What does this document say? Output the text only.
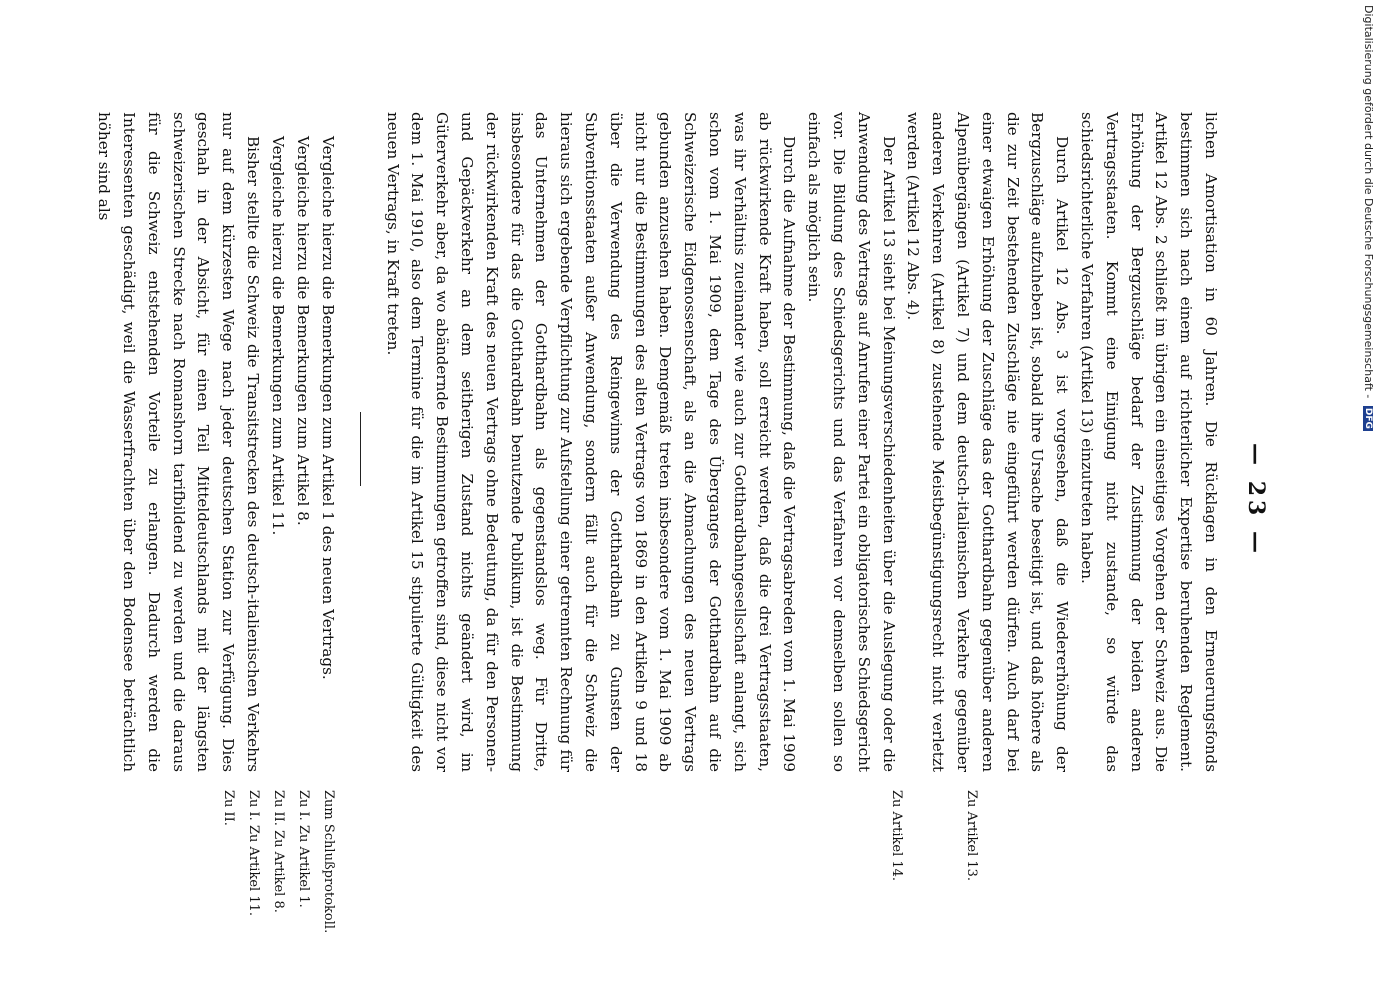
— 23 —

lichen Amortisation in 60 Jahren. Die Rücklagen in den Erneuerungsfonds bestimmen sich nach einem auf richterlicher Expertise beruhenden Reglement. Artikel 12 Abs. 2 schließt im übrigen ein einseitiges Vorgehen der Schweiz aus. Die Erhöhung der Bergzuschläge bedarf der Zustimmung der beiden anderen Vertragsstaaten. Kommt eine Einigung nicht zustande, so würde das schiedsrichterliche Verfahren (Artikel 13) einzutreten haben.

Durch Artikel 12 Abs. 3 ist vorgesehen, daß die Wiedererhöhung der Bergzuschläge aufzuheben ist, sobald ihre Ursache beseitigt ist, und daß höhere als die zur Zeit bestehenden Zuschläge nie eingeführt werden dürfen. Auch darf bei einer etwaigen Erhöhung der Zuschläge das der Gotthardbahn gegenüber anderen Alpenübergängen (Artikel 7) und dem deutsch-italienischen Verkehre gegenüber anderen Verkehren (Artikel 8) zustehende Meistbegünstigungsrecht nicht verletzt werden (Artikel 12 Abs. 4).

Der Artikel 13 sieht bei Meinungsverschiedenheiten über die Auslegung oder die Anwendung des Vertrags auf Anrufen einer Partei ein obligatorisches Schiedsgericht vor. Die Bildung des Schiedsgerichts und das Verfahren vor demselben sollen so einfach als möglich sein.

Durch die Aufnahme der Bestimmung, daß die Vertragsabreden vom 1. Mai 1909 ab rückwirkende Kraft haben, soll erreicht werden, daß die drei Vertragsstaaten, was ihr Verhältnis zueinander wie auch zur Gotthardbahngesellschaft anlangt, sich schon vom 1. Mai 1909, dem Tage des Überganges der Gotthardbahn auf die Schweizerische Eidgenossenschaft, als an die Abmachungen des neuen Vertrags gebunden anzusehen haben. Demgemäß treten insbesondere vom 1. Mai 1909 ab nicht nur die Bestimmungen des alten Vertrags von 1869 in den Artikeln 9 und 18 über die Verwendung des Reingewinns der Gotthardbahn zu Gunsten der Subventionsstaaten außer Anwendung, sondern fällt auch für die Schweiz die hieraus sich ergebende Verpflichtung zur Aufstellung einer getrennten Rechnung für das Unternehmen der Gotthardbahn als gegenstandslos weg. Für Dritte, insbesondere für das die Gotthardbahn benutzende Publikum, ist die Bestimmung der rückwirkenden Kraft des neuen Vertrags ohne Bedeutung, da für den Personen- und Gepäckverkehr an dem seitherigen Zustand nichts geändert wird, im Güterverkehr aber, da wo abändernde Bestimmungen getroffen sind, diese nicht vor dem 1. Mai 1910, also dem Termine für die im Artikel 15 stipulierte Gültigkeit des neuen Vertrags, in Kraft treten.

Zu Artikel 13.
Zu Artikel 14.
Zum Schlußprotokoll.
Zu I. Zu Artikel 1.
Zu II. Zu Artikel 8.
Zu I. Zu Artikel 11.
Zu II.
Vergleiche hierzu die Bemerkungen zum Artikel 1 des neuen Vertrags.
Vergleiche hierzu die Bemerkungen zum Artikel 8.
Vergleiche hierzu die Bemerkungen zum Artikel 11.

Bisher stellte die Schweiz die Transitstrecken des deutsch-italienischen Verkehrs nur auf dem kürzesten Wege nach jeder deutschen Station zur Verfügung. Dies geschah in der Absicht, für einen Teil Mitteldeutschlands mit der längsten schweizerischen Strecke nach Romanshorn tarifbildend zu werden und die daraus für die Schweiz entstehenden Vorteile zu erlangen. Dadurch werden die Interessenten geschädigt, weil die Wasserfrachten über den Bodensee beträchtlich höher sind als	Digitalisierung gefördert durch die Deutsche Forschungsgemeinschaft - DFG
